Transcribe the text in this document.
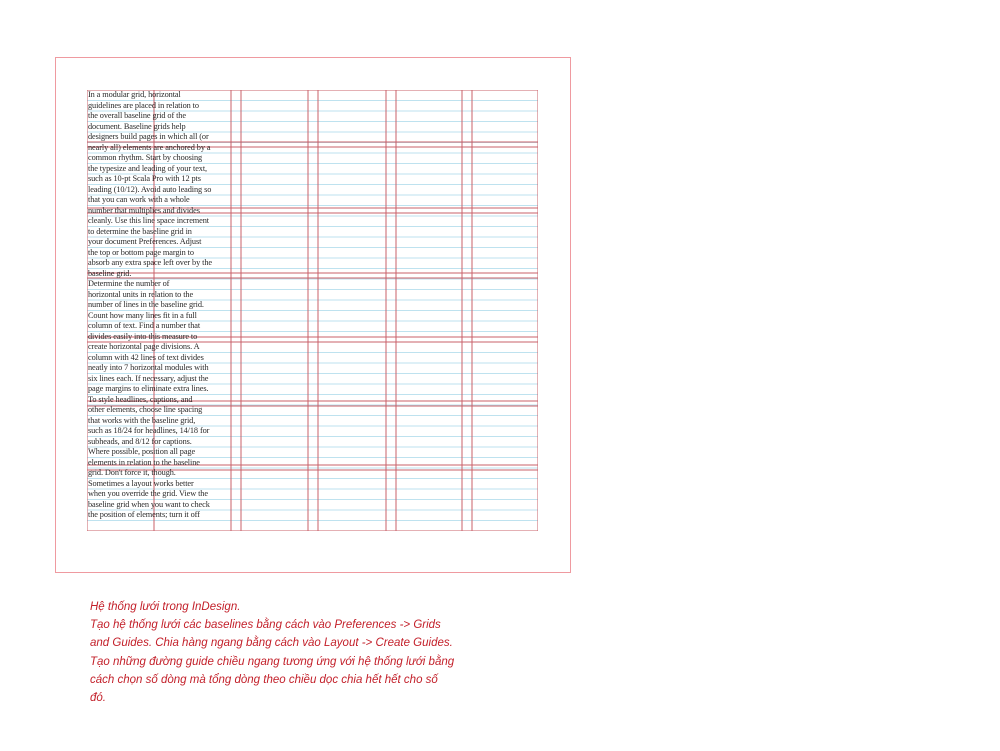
In a modular grid, horizontal
guidelines are placed in relation to
the overall baseline grid of the
document. Baseline grids help
designers build pages in which all (or
nearly all) elements are anchored by a
common rhythm. Start by choosing
the typesize and leading of your text,
such as 10-pt Scala Pro with 12 pts
leading (10/12). Avoid auto leading so
that you can work with a whole
number that multiplies and divides
cleanly. Use this line space increment
to determine the baseline grid in
your document Preferences. Adjust
the top or bottom page margin to
absorb any extra space left over by the
baseline grid.
Determine the number of
horizontal units in relation to the
number of lines in the baseline grid.
Count how many lines fit in a full
column of text. Find a number that
divides easily into this measure to
create horizontal page divisions. A
column with 42 lines of text divides
neatly into 7 horizontal modules with
six lines each. If necessary, adjust the
page margins to eliminate extra lines.
To style headlines, captions, and
other elements, choose line spacing
that works with the baseline grid,
such as 18/24 for headlines, 14/18 for
subheads, and 8/12 for captions.
Where possible, position all page
elements in relation to the baseline
grid. Don't force it, though.
Sometimes a layout works better
when you override the grid. View the
baseline grid when you want to check
the position of elements; turn it off
Hệ thống lưới trong InDesign.
Tạo hệ thống lưới các baselines bằng cách vào Preferences -> Grids
and Guides. Chia hàng ngang bằng cách vào Layout -> Create Guides.
Tạo những đường guide chiều ngang tương ứng với hệ thống lưới bằng
cách chọn số dòng mà tổng dòng theo chiều dọc chia hết hết cho số
đó.
